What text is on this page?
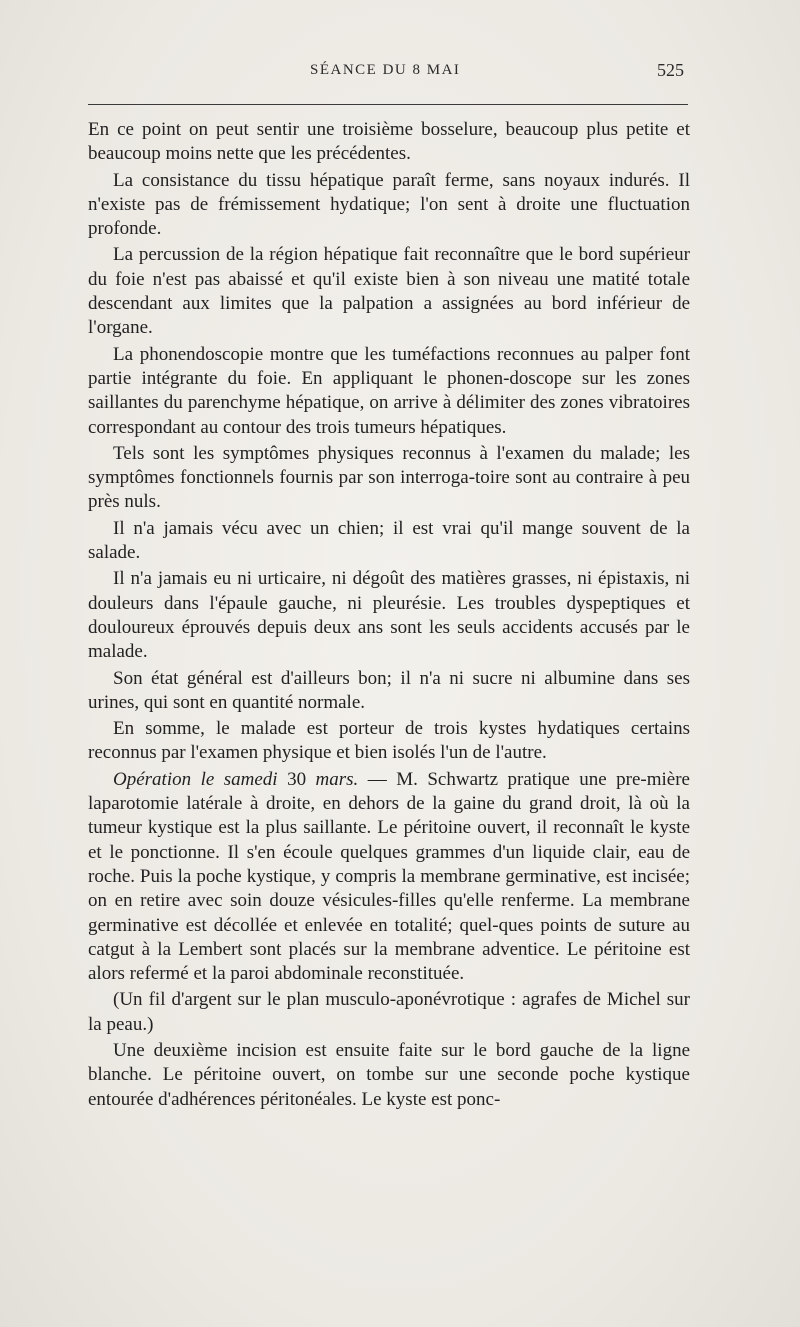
SÉANCE DU 8 MAI	525

En ce point on peut sentir une troisième bosselure, beaucoup plus petite et beaucoup moins nette que les précédentes.

La consistance du tissu hépatique paraît ferme, sans noyaux indurés. Il n'existe pas de frémissement hydatique; l'on sent à droite une fluctuation profonde.

La percussion de la région hépatique fait reconnaître que le bord supérieur du foie n'est pas abaissé et qu'il existe bien à son niveau une matité totale descendant aux limites que la palpation a assignées au bord inférieur de l'organe.

La phonendoscopie montre que les tuméfactions reconnues au palper font partie intégrante du foie. En appliquant le phonen-doscope sur les zones saillantes du parenchyme hépatique, on arrive à délimiter des zones vibratoires correspondant au contour des trois tumeurs hépatiques.

Tels sont les symptômes physiques reconnus à l'examen du malade; les symptômes fonctionnels fournis par son interroga-toire sont au contraire à peu près nuls.

Il n'a jamais vécu avec un chien; il est vrai qu'il mange souvent de la salade.

Il n'a jamais eu ni urticaire, ni dégoût des matières grasses, ni épistaxis, ni douleurs dans l'épaule gauche, ni pleurésie. Les troubles dyspeptiques et douloureux éprouvés depuis deux ans sont les seuls accidents accusés par le malade.

Son état général est d'ailleurs bon; il n'a ni sucre ni albumine dans ses urines, qui sont en quantité normale.

En somme, le malade est porteur de trois kystes hydatiques certains reconnus par l'examen physique et bien isolés l'un de l'autre.

Opération le samedi 30 mars. — M. Schwartz pratique une pre-mière laparotomie latérale à droite, en dehors de la gaine du grand droit, là où la tumeur kystique est la plus saillante. Le péritoine ouvert, il reconnaît le kyste et le ponctionne. Il s'en écoule quelques grammes d'un liquide clair, eau de roche. Puis la poche kystique, y compris la membrane germinative, est incisée; on en retire avec soin douze vésicules-filles qu'elle renferme. La membrane germinative est décollée et enlevée en totalité; quel-ques points de suture au catgut à la Lembert sont placés sur la membrane adventice. Le péritoine est alors refermé et la paroi abdominale reconstituée.

(Un fil d'argent sur le plan musculo-aponévrotique : agrafes de Michel sur la peau.)

Une deuxième incision est ensuite faite sur le bord gauche de la ligne blanche. Le péritoine ouvert, on tombe sur une seconde poche kystique entourée d'adhérences péritonéales. Le kyste est ponc-
